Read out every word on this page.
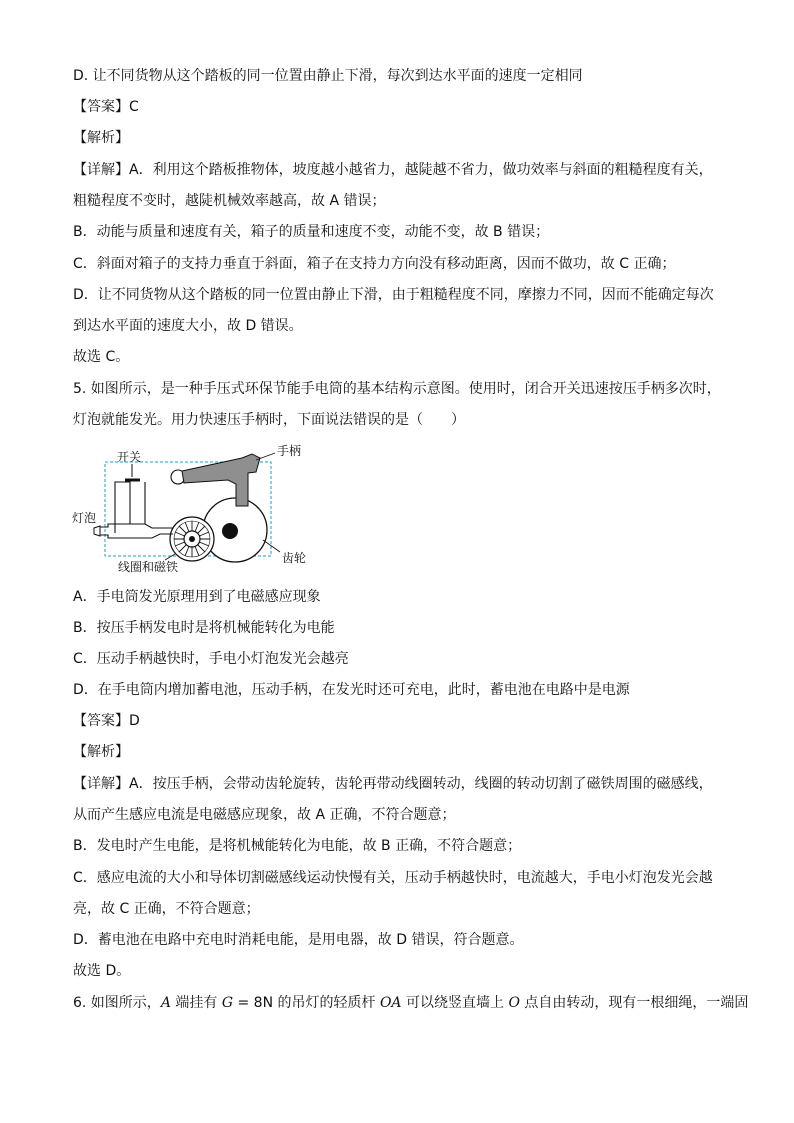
D. 让不同货物从这个踏板的同一位置由静止下滑，每次到达水平面的速度一定相同
【答案】C
【解析】
【详解】A．利用这个踏板推物体，坡度越小越省力，越陡越不省力，做功效率与斜面的粗糙程度有关，
粗糙程度不变时，越陡机械效率越高，故 A 错误；
B．动能与质量和速度有关，箱子的质量和速度不变，动能不变，故 B 错误；
C．斜面对箱子的支持力垂直于斜面，箱子在支持力方向没有移动距离，因而不做功，故 C 正确；
D．让不同货物从这个踏板的同一位置由静止下滑，由于粗糙程度不同，摩擦力不同，因而不能确定每次
到达水平面的速度大小，故 D 错误。
故选 C。
5. 如图所示，是一种手压式环保节能手电筒的基本结构示意图。使用时，闭合开关迅速按压手柄多次时，
灯泡就能发光。用力快速压手柄时，下面说法错误的是（　　）
开关	手柄
灯泡
线圈和磁铁
齿轮
A．手电筒发光原理用到了电磁感应现象
B．按压手柄发电时是将机械能转化为电能
C．压动手柄越快时，手电小灯泡发光会越亮
D．在手电筒内增加蓄电池，压动手柄，在发光时还可充电，此时，蓄电池在电路中是电源
【答案】D
【解析】
【详解】A．按压手柄，会带动齿轮旋转，齿轮再带动线圈转动，线圈的转动切割了磁铁周围的磁感线，
从而产生感应电流是电磁感应现象，故 A 正确，不符合题意；
B．发电时产生电能，是将机械能转化为电能，故 B 正确，不符合题意；
C．感应电流的大小和导体切割磁感线运动快慢有关，压动手柄越快时，电流越大，手电小灯泡发光会越
亮，故 C 正确，不符合题意；
D．蓄电池在电路中充电时消耗电能，是用电器，故 D 错误，符合题意。
故选 D。
6. 如图所示，A 端挂有 G = 8N 的吊灯的轻质杆 OA 可以绕竖直墙上 O 点自由转动，现有一根细绳，一端固
